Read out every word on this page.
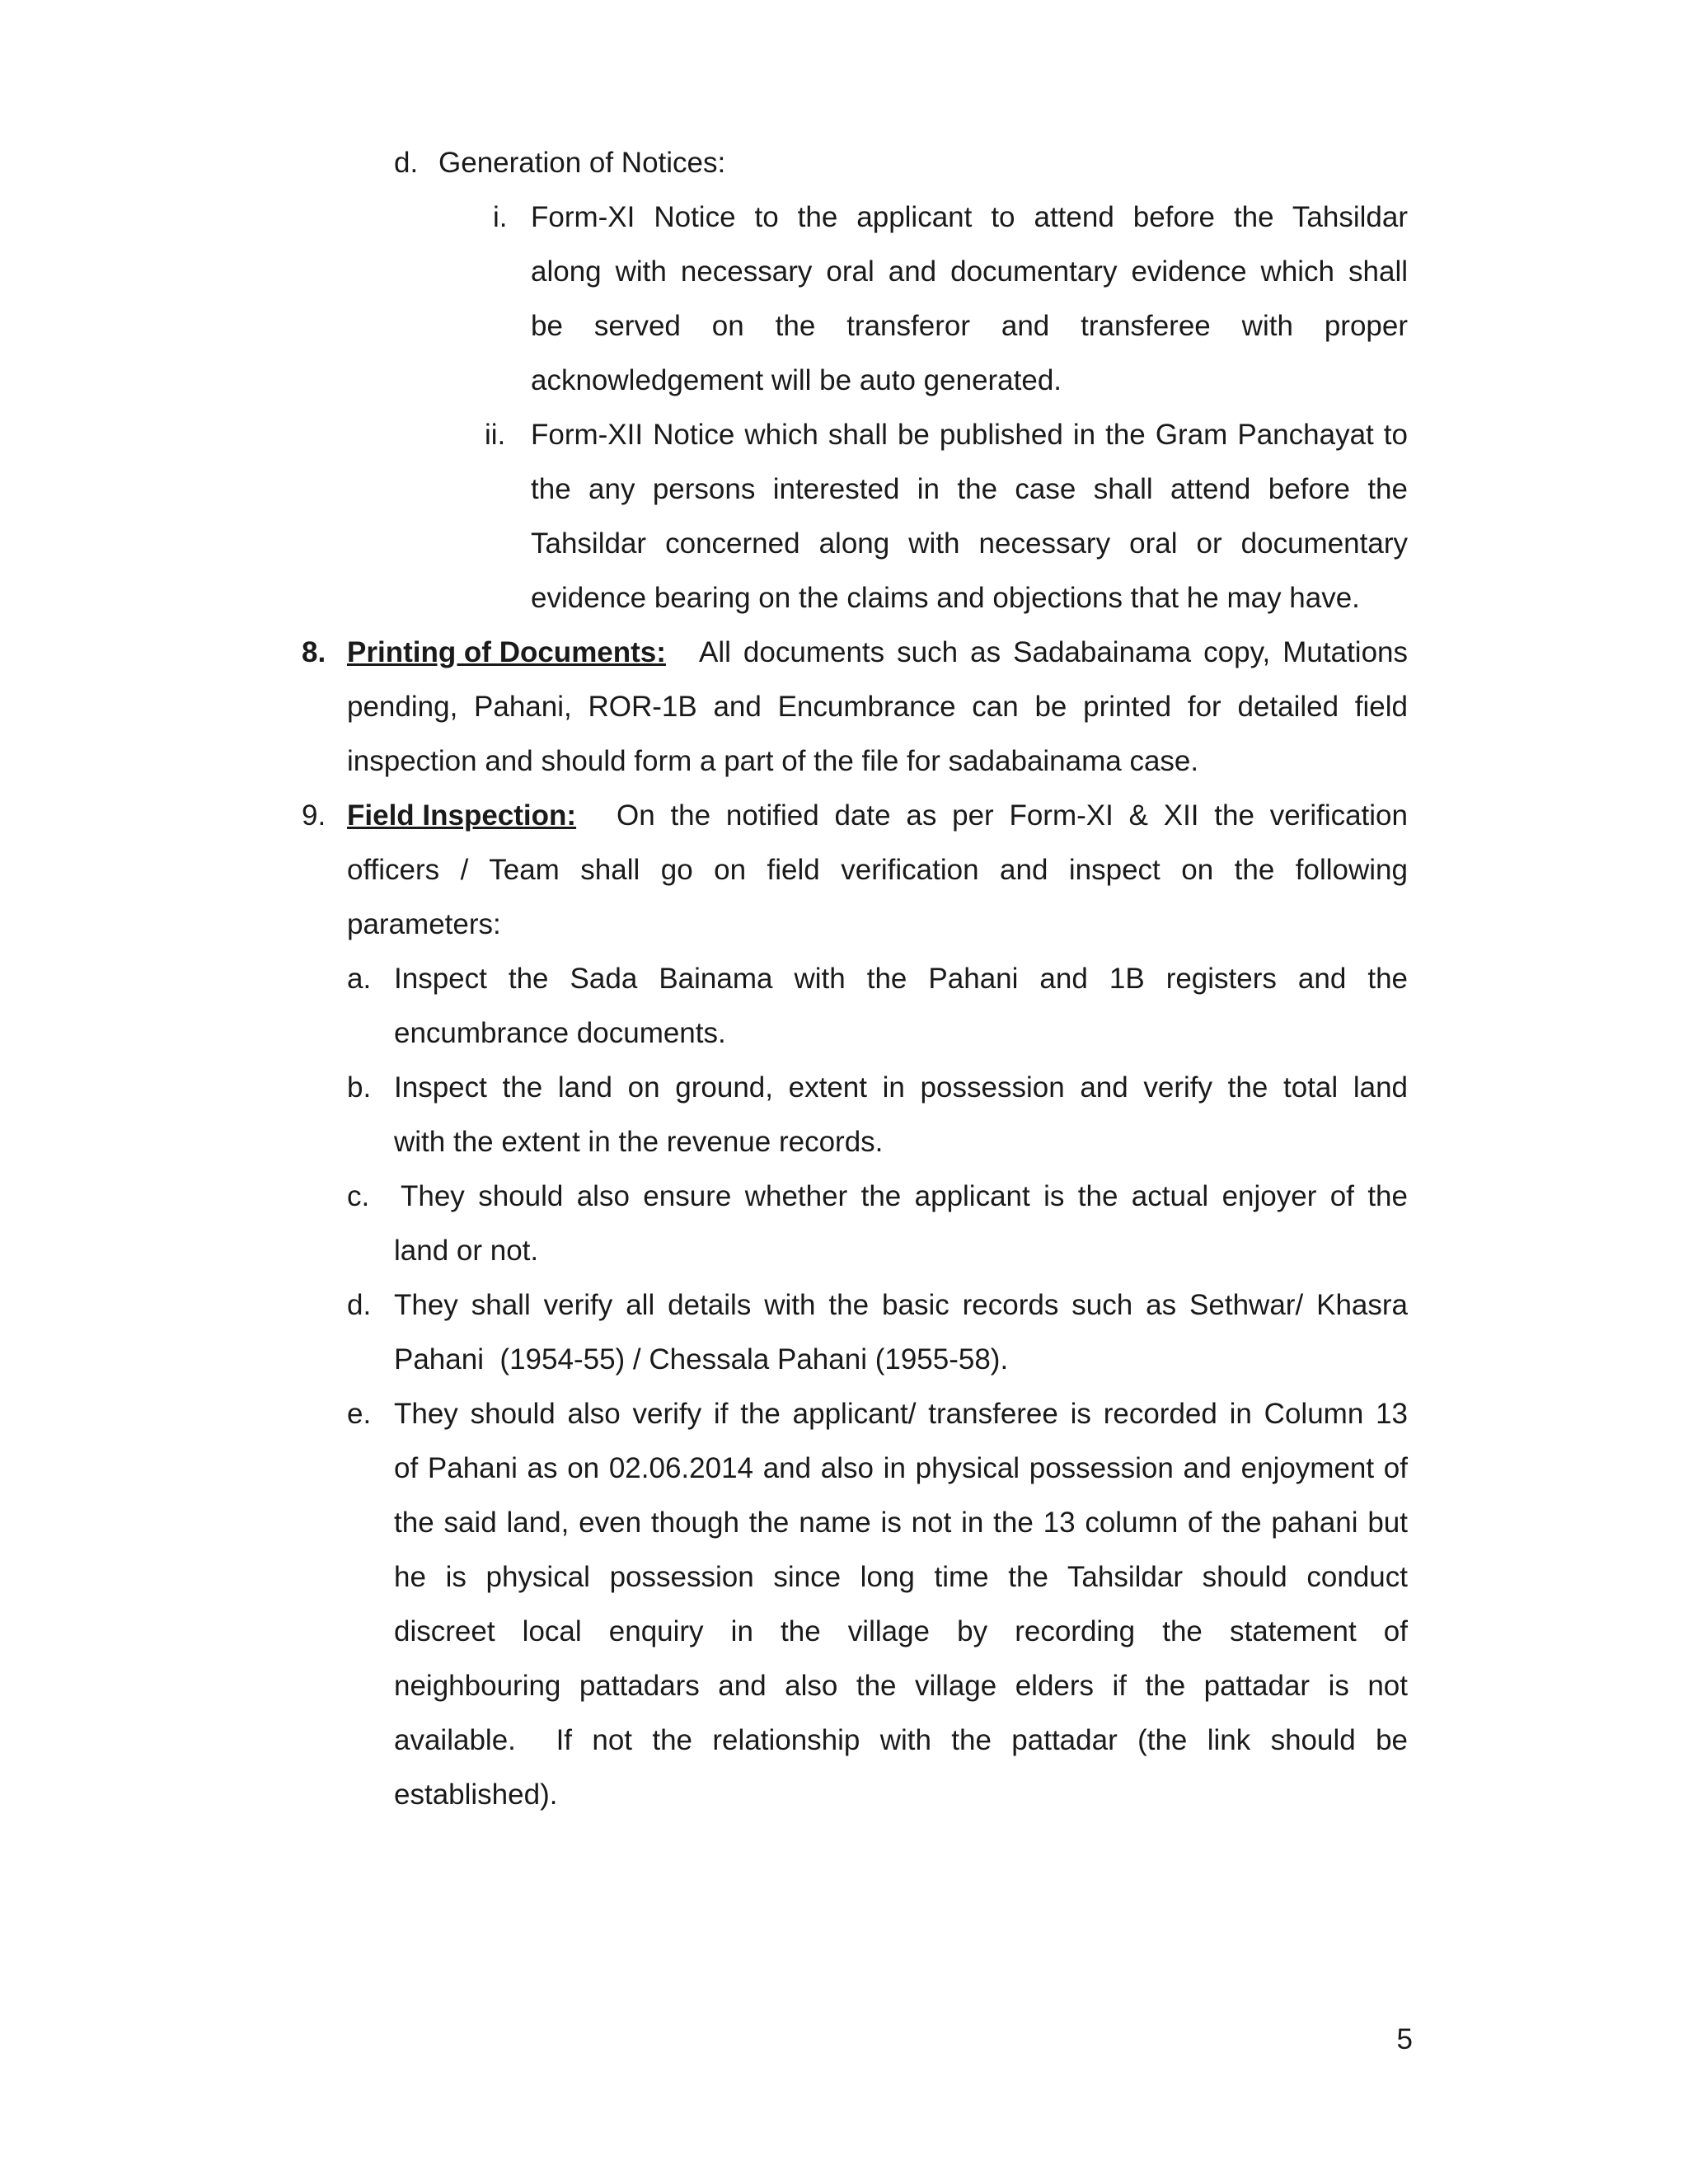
d. Generation of Notices:
i. Form-XI Notice to the applicant to attend before the Tahsildar
along with necessary oral and documentary evidence which shall
be served on the transferor and transferee with proper
acknowledgement will be auto generated.
ii. Form-XII Notice which shall be published in the Gram Panchayat to
the any persons interested in the case shall attend before the
Tahsildar concerned along with necessary oral or documentary
evidence bearing on the claims and objections that he may have.
8. Printing of Documents: All documents such as Sadabainama copy, Mutations
pending, Pahani, ROR-1B and Encumbrance can be printed for detailed field
inspection and should form a part of the file for sadabainama case.
9. Field Inspection: On the notified date as per Form-XI & XII the verification
officers / Team shall go on field verification and inspect on the following
parameters:
a. Inspect the Sada Bainama with the Pahani and 1B registers and the
encumbrance documents.
b. Inspect the land on ground, extent in possession and verify the total land
with the extent in the revenue records.
c. They should also ensure whether the applicant is the actual enjoyer of the
land or not.
d. They shall verify all details with the basic records such as Sethwar/ Khasra
Pahani  (1954-55) / Chessala Pahani (1955-58).
e. They should also verify if the applicant/ transferee is recorded in Column 13
of Pahani as on 02.06.2014 and also in physical possession and enjoyment of
the said land, even though the name is not in the 13 column of the pahani but
he is physical possession since long time the Tahsildar should conduct
discreet local enquiry in the village by recording the statement of
neighbouring pattadars and also the village elders if the pattadar is not
available.  If not the relationship with the pattadar (the link should be
established).
5
